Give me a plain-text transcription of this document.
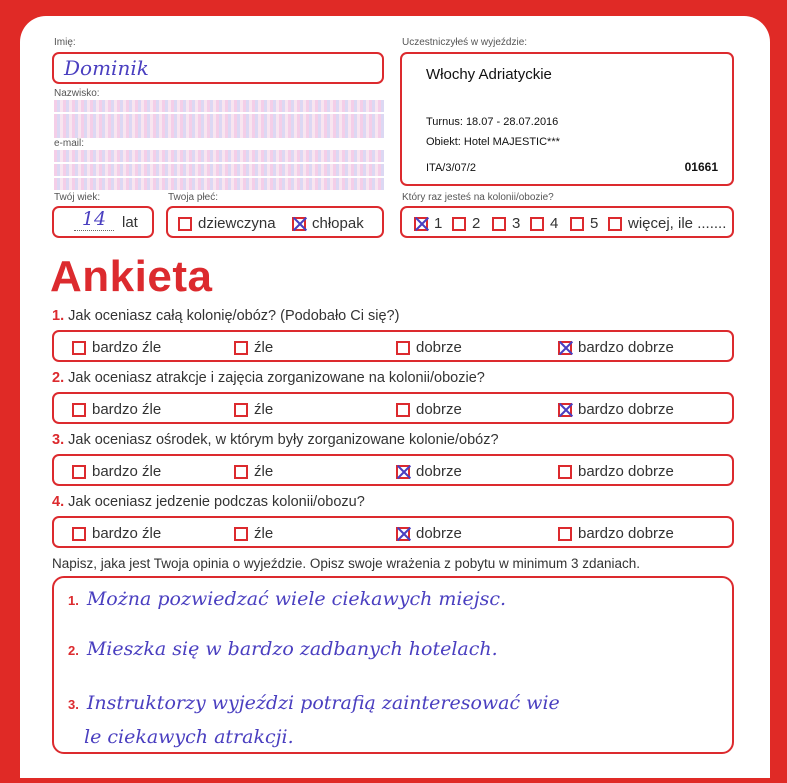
Imię:
Dominik
Nazwisko:
e-mail:
Twój wiek:
14	lat
Twoja płeć:
dziewczyna	chłopak
Uczestniczyłeś w wyjeździe:
Włochy Adriatyckie
Turnus: 18.07 - 28.07.2016
Obiekt: Hotel MAJESTIC***
ITA/3/07/2	01661
Który raz jesteś na kolonii/obozie?
1	2	3	4	5	więcej, ile .......
Ankieta
1. Jak oceniasz całą kolonię/obóz? (Podobało Ci się?)
bardzo źle	źle	dobrze	bardzo dobrze
2. Jak oceniasz atrakcje i zajęcia zorganizowane na kolonii/obozie?
bardzo źle	źle	dobrze	bardzo dobrze
3. Jak oceniasz ośrodek, w którym były zorganizowane kolonie/obóz?
bardzo źle	źle	dobrze	bardzo dobrze
4. Jak oceniasz jedzenie podczas kolonii/obozu?
bardzo źle	źle	dobrze	bardzo dobrze
Napisz, jaka jest Twoja opinia o wyjeździe. Opisz swoje wrażenia z pobytu w minimum 3 zdaniach.
1. Można pozwiedzać wiele ciekawych miejsc.
2. Mieszka się w bardzo zadbanych hotelach.
3. Instruktorzy wyjeździ potrafią zainteresować wie
le ciekawych atrakcji.
